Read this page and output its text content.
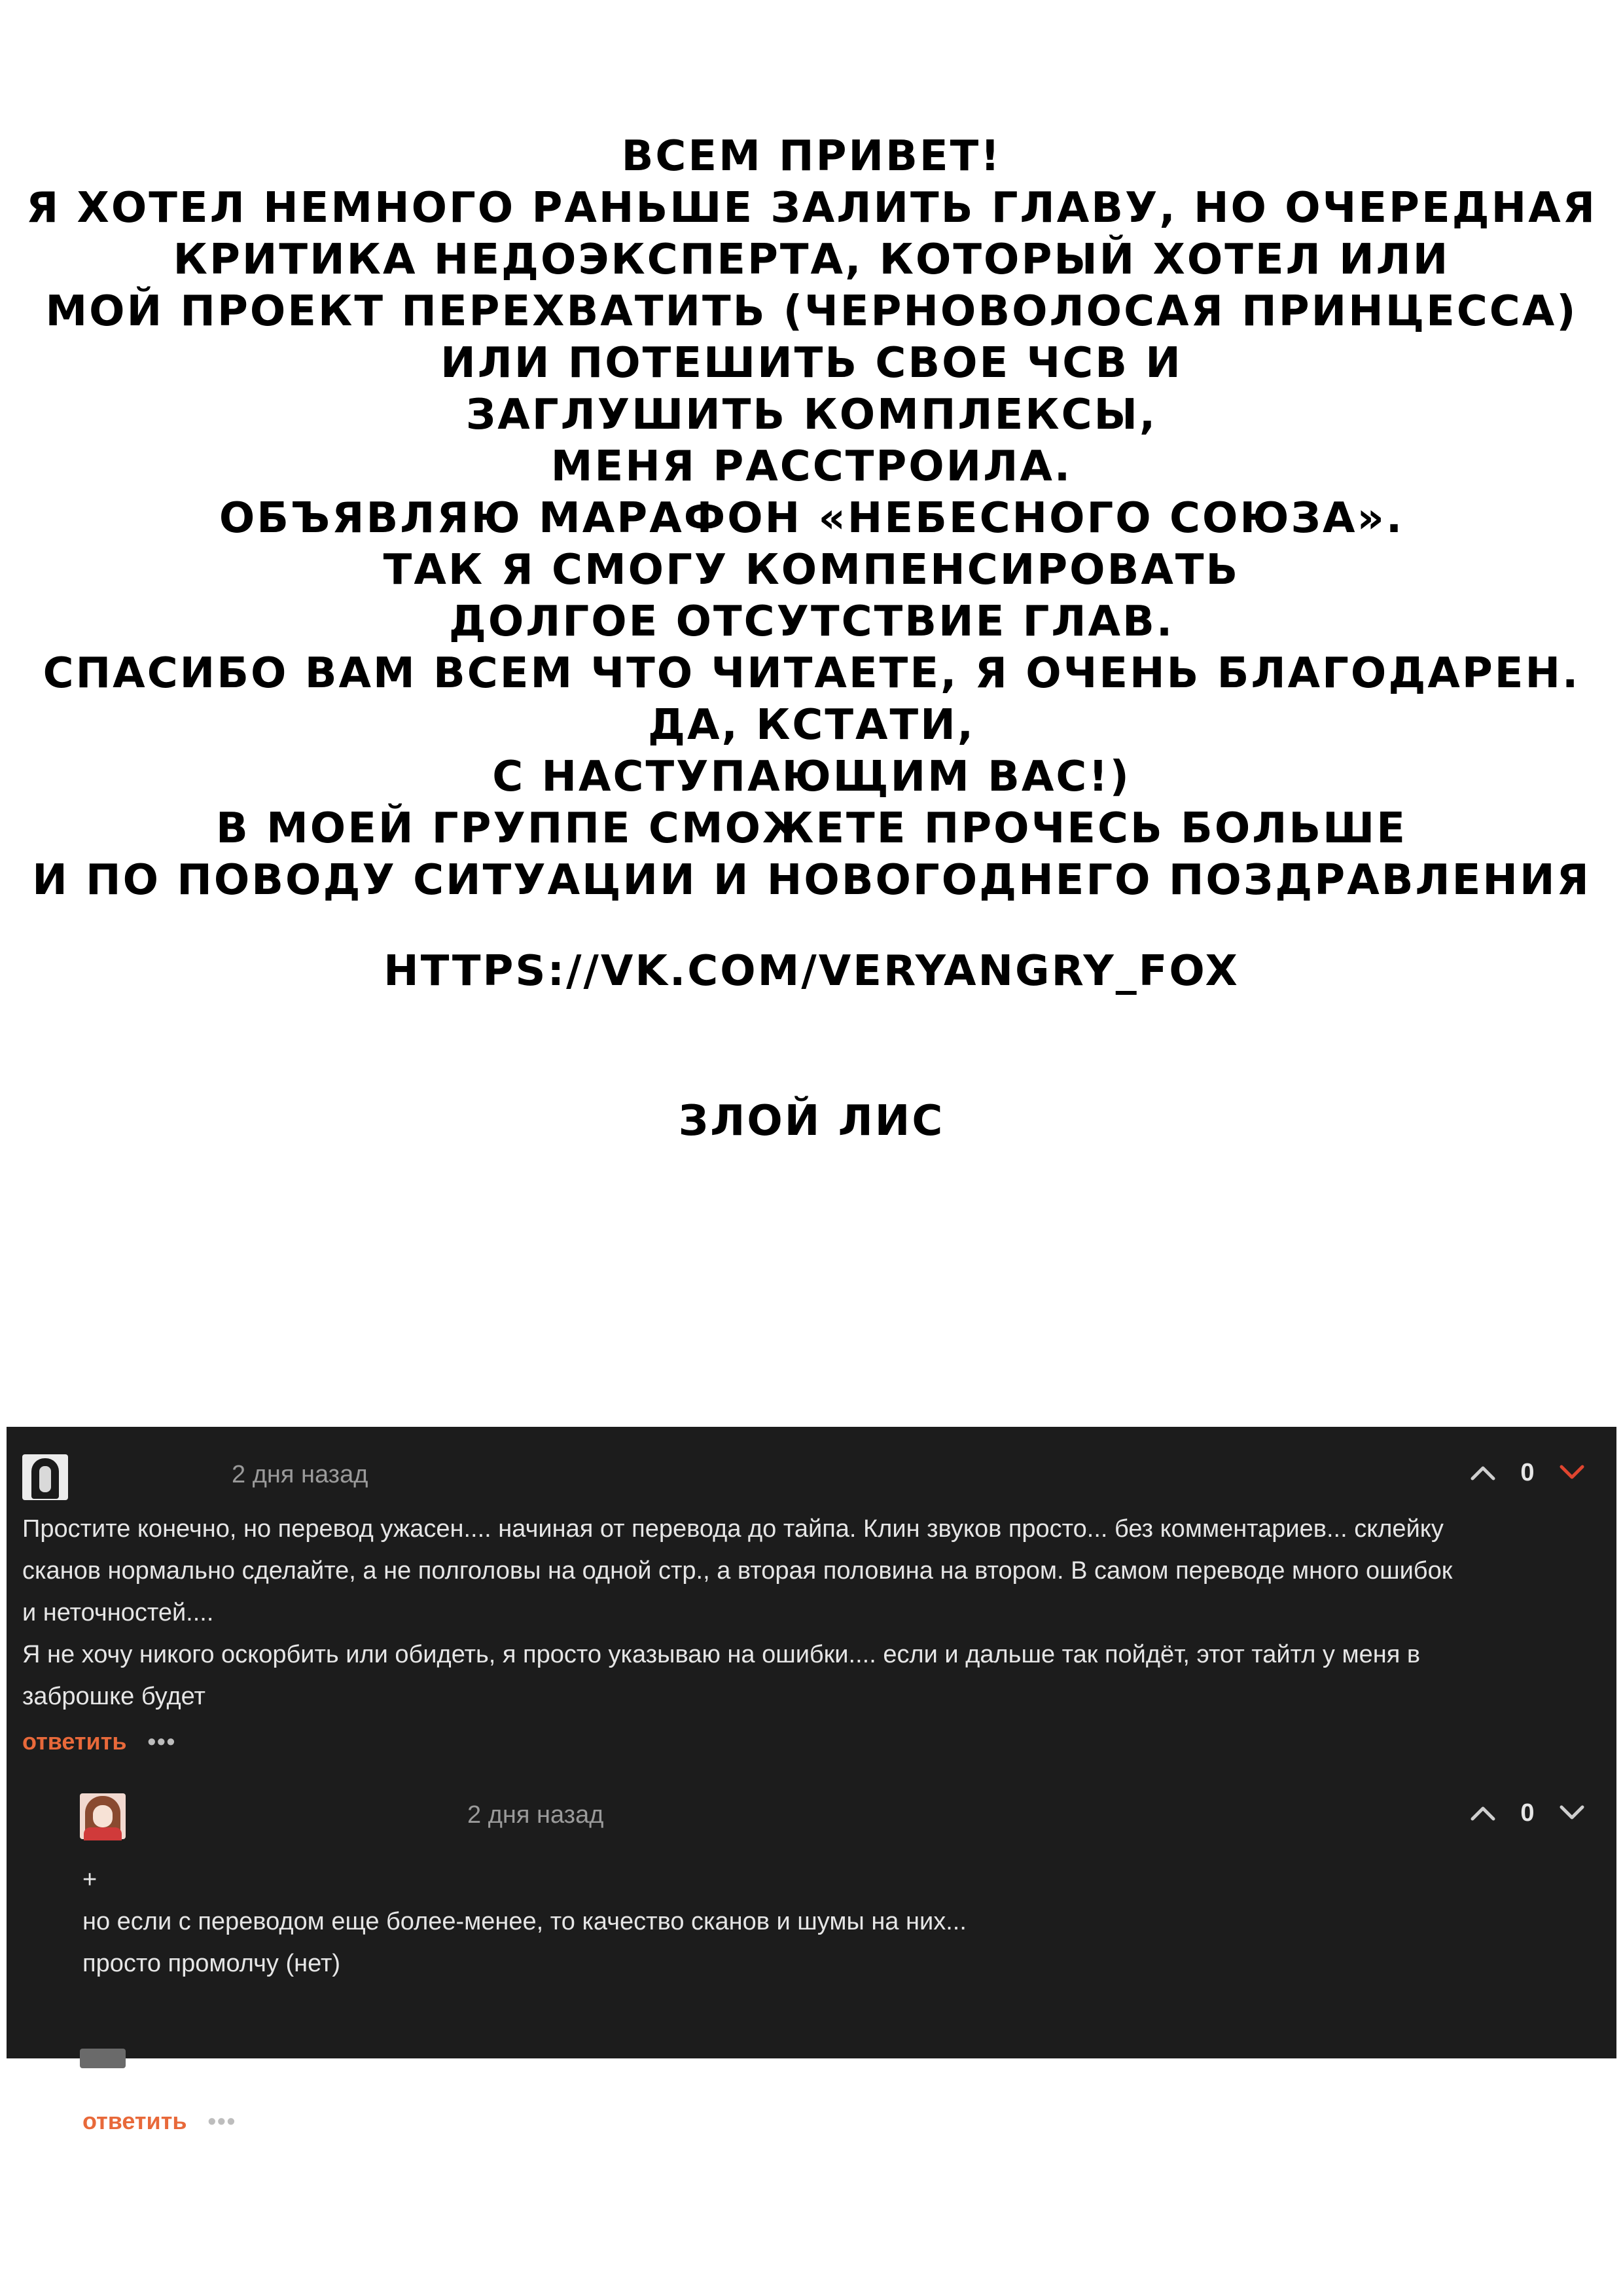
ВСЕМ ПРИВЕТ!
Я ХОТЕЛ НЕМНОГО РАНЬШЕ ЗАЛИТЬ ГЛАВУ, НО ОЧЕРЕДНАЯ
КРИТИКА НЕДОЭКСПЕРТА, КОТОРЫЙ ХОТЕЛ ИЛИ
МОЙ ПРОЕКТ ПЕРЕХВАТИТЬ (ЧЕРНОВОЛОСАЯ ПРИНЦЕССА)
ИЛИ ПОТЕШИТЬ СВОЕ ЧСВ И
ЗАГЛУШИТЬ КОМПЛЕКСЫ,
МЕНЯ РАССТРОИЛА.
ОБЪЯВЛЯЮ МАРАФОН «НЕБЕСНОГО СОЮЗА».
ТАК Я СМОГУ КОМПЕНСИРОВАТЬ
ДОЛГОЕ ОТСУТСТВИЕ ГЛАВ.
СПАСИБО ВАМ ВСЕМ ЧТО ЧИТАЕТЕ, Я ОЧЕНЬ БЛАГОДАРЕН.
ДА, КСТАТИ,
С НАСТУПАЮЩИМ ВАС!)
В МОЕЙ ГРУППЕ СМОЖЕТЕ ПРОЧЕСЬ БОЛЬШЕ
И ПО ПОВОДУ СИТУАЦИИ И НОВОГОДНЕГО ПОЗДРАВЛЕНИЯ
HTTPS://VK.COM/VERYANGRY_FOX
ЗЛОЙ ЛИС
2 дня назад	0
Простите конечно, но перевод ужасен.... начиная от перевода до тайпа. Клин звуков просто... без комментариев... склейку
сканов нормально сделайте, а не полголовы на одной стр., а вторая половина на втором. В самом переводе много ошибок
и неточностей....
Я не хочу никого оскорбить или обидеть, я просто указываю на ошибки.... если и дальше так пойдёт, этот тайтл у меня в
заброшке будет
ответить •••
2 дня назад	0
+
но если с переводом еще более-менее, то качество сканов и шумы на них...
просто промолчу (нет)
ответить •••
